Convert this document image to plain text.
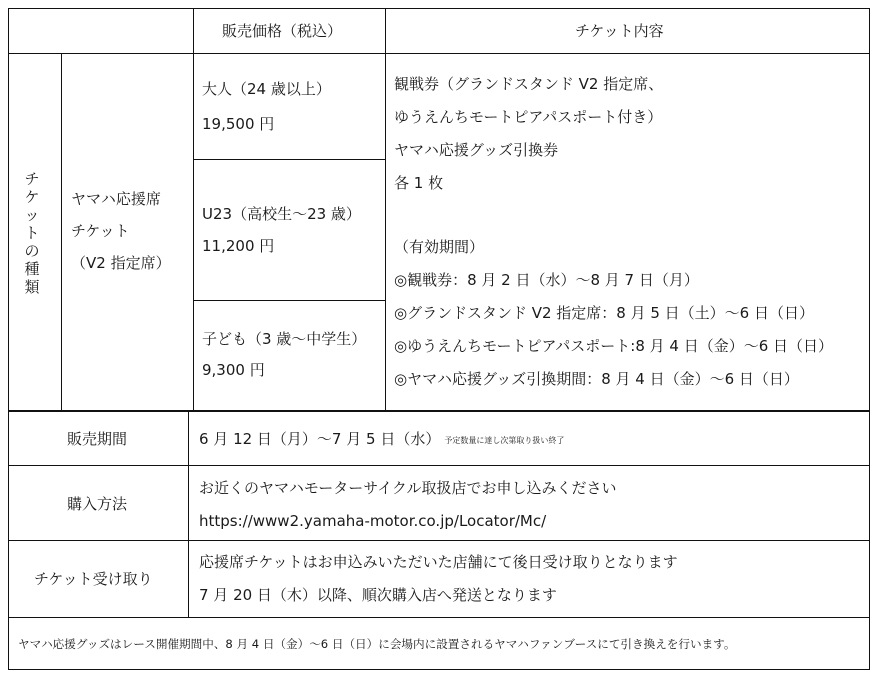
販売価格（税込）	チケット内容
チケットの種類
ヤマハ応援席
チケット
（V2 指定席）
大人（24 歳以上）
19,500 円
U23（高校生～23 歳）
11,200 円
子ども（3 歳～中学生）
9,300 円
観戦券（グランドスタンド V2 指定席、
ゆうえんちモートピアパスポート付き）
ヤマハ応援グッズ引換券
各 1 枚
（有効期間）
◎観戦券：8 月 2 日（水）～8 月 7 日（月）
◎グランドスタンド V2 指定席：8 月 5 日（土）～6 日（日）
◎ゆうえんちモートピアパスポート:8 月 4 日（金）～6 日（日）
◎ヤマハ応援グッズ引換期間：8 月 4 日（金）～6 日（日）
販売期間	6 月 12 日（月）～7 月 5 日（水） 予定数量に達し次第取り扱い終了
購入方法
お近くのヤマハモーターサイクル取扱店でお申し込みください
https://www2.yamaha-motor.co.jp/Locator/Mc/
チケット受け取り
応援席チケットはお申込みいただいた店舗にて後日受け取りとなります
7 月 20 日（木）以降、順次購入店へ発送となります
ヤマハ応援グッズはレース開催期間中、8 月 4 日（金）～6 日（日）に会場内に設置されるヤマハファンブースにて引き換えを行います。
